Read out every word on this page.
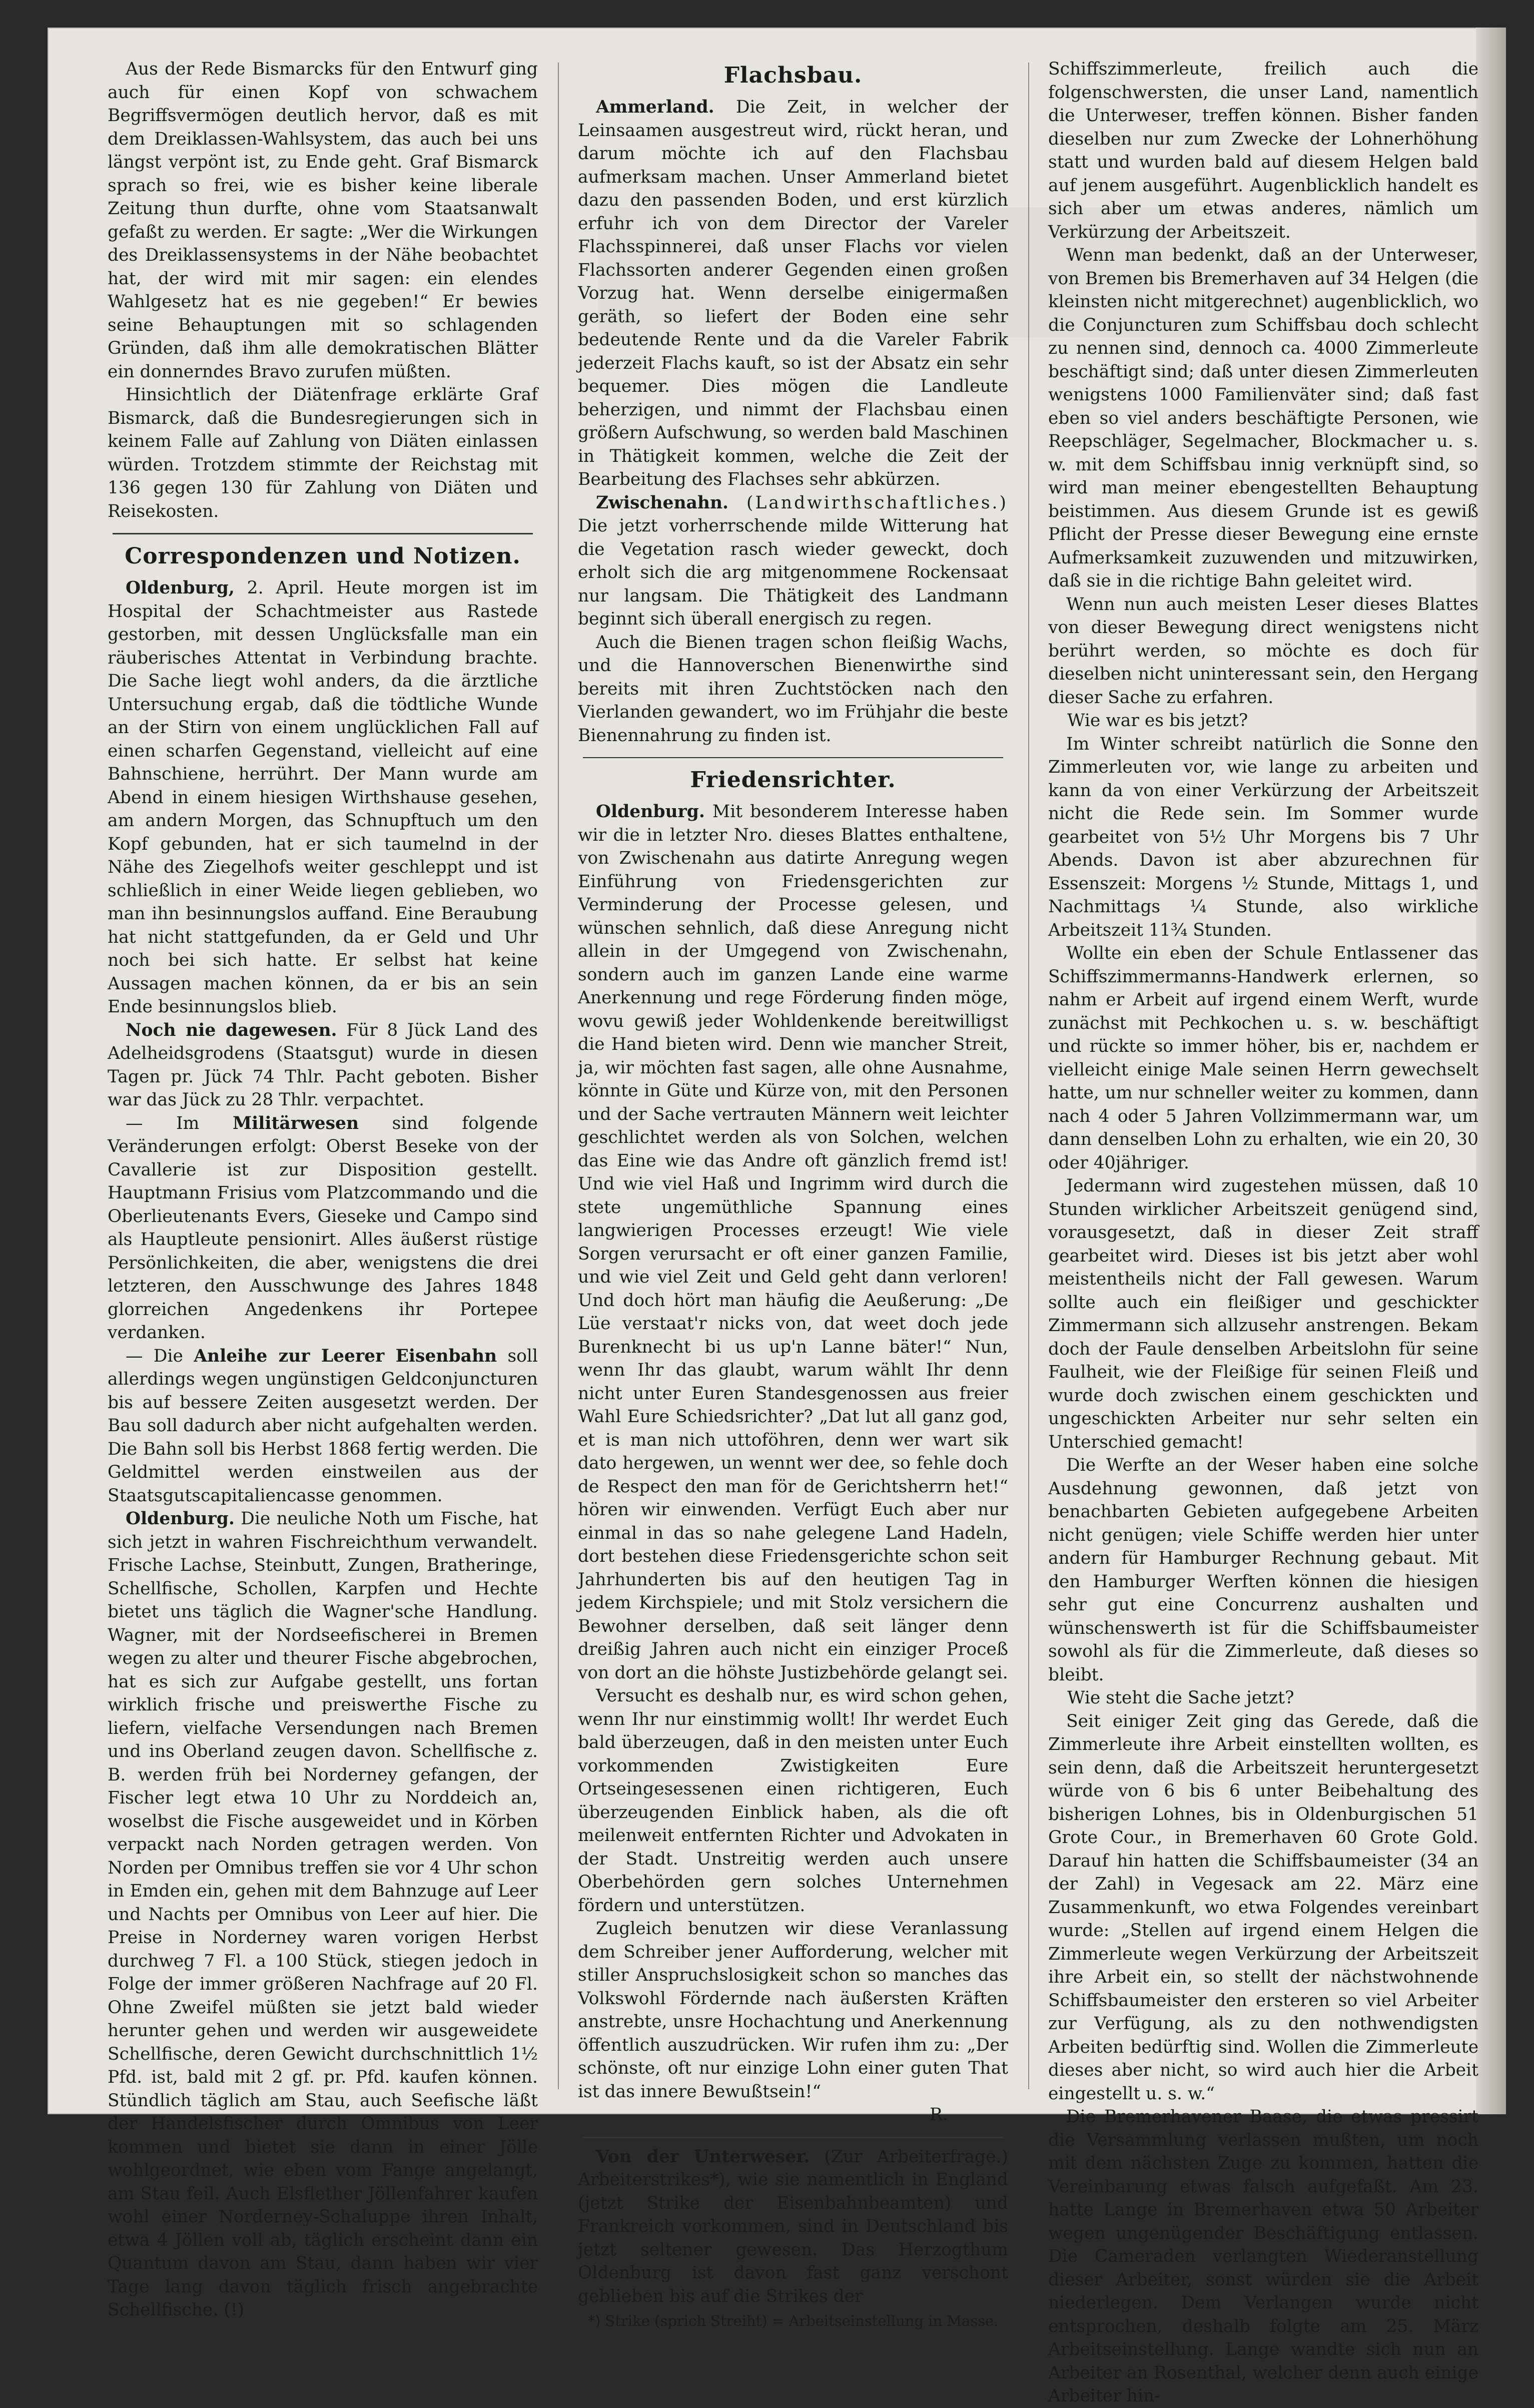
Aus der Rede Bismarcks für den Entwurf ging auch für einen Kopf von schwachem Begriffsvermögen deutlich hervor, daß es mit dem Dreiklassen-Wahlsystem, das auch bei uns längst verpönt ist, zu Ende geht. Graf Bismarck sprach so frei, wie es bisher keine liberale Zeitung thun durfte, ohne vom Staatsanwalt gefaßt zu werden. Er sagte: „Wer die Wirkungen des Dreiklassensystems in der Nähe beobachtet hat, der wird mit mir sagen: ein elendes Wahlgesetz hat es nie gegeben!“ Er bewies seine Behauptungen mit so schlagenden Gründen, daß ihm alle demokratischen Blätter ein donnerndes Bravo zurufen müßten.

Hinsichtlich der Diätenfrage erklärte Graf Bismarck, daß die Bundesregierungen sich in keinem Falle auf Zahlung von Diäten einlassen würden. Trotzdem stimmte der Reichstag mit 136 gegen 130 für Zahlung von Diäten und Reisekosten.

Correspondenzen und Notizen.

Oldenburg, 2. April. Heute morgen ist im Hospital der Schachtmeister aus Rastede gestorben, mit dessen Unglücksfalle man ein räuberisches Attentat in Verbindung brachte. Die Sache liegt wohl anders, da die ärztliche Untersuchung ergab, daß die tödtliche Wunde an der Stirn von einem unglücklichen Fall auf einen scharfen Gegenstand, vielleicht auf eine Bahnschiene, herrührt. Der Mann wurde am Abend in einem hiesigen Wirthshause gesehen, am andern Morgen, das Schnupftuch um den Kopf gebunden, hat er sich taumelnd in der Nähe des Ziegelhofs weiter geschleppt und ist schließlich in einer Weide liegen geblieben, wo man ihn besinnungslos auffand. Eine Beraubung hat nicht stattgefunden, da er Geld und Uhr noch bei sich hatte. Er selbst hat keine Aussagen machen können, da er bis an sein Ende besinnungslos blieb.

Noch nie dagewesen. Für 8 Jück Land des Adelheidsgrodens (Staatsgut) wurde in diesen Tagen pr. Jück 74 Thlr. Pacht geboten. Bisher war das Jück zu 28 Thlr. verpachtet.

— Im Militärwesen sind folgende Veränderungen erfolgt: Oberst Beseke von der Cavallerie ist zur Disposition gestellt. Hauptmann Frisius vom Platzcommando und die Oberlieutenants Evers, Gieseke und Campo sind als Hauptleute pensionirt. Alles äußerst rüstige Persönlichkeiten, die aber, wenigstens die drei letzteren, den Ausschwunge des Jahres 1848 glorreichen Angedenkens ihr Portepee verdanken.

— Die Anleihe zur Leerer Eisenbahn soll allerdings wegen ungünstigen Geldconjuncturen bis auf bessere Zeiten ausgesetzt werden. Der Bau soll dadurch aber nicht aufgehalten werden. Die Bahn soll bis Herbst 1868 fertig werden. Die Geldmittel werden einstweilen aus der Staatsgutscapitaliencasse genommen.

Oldenburg. Die neuliche Noth um Fische, hat sich jetzt in wahren Fischreichthum verwandelt. Frische Lachse, Steinbutt, Zungen, Bratheringe, Schellfische, Schollen, Karpfen und Hechte bietet uns täglich die Wagner'sche Handlung. Wagner, mit der Nordseefischerei in Bremen wegen zu alter und theurer Fische abgebrochen, hat es sich zur Aufgabe gestellt, uns fortan wirklich frische und preiswerthe Fische zu liefern, vielfache Versendungen nach Bremen und ins Oberland zeugen davon. Schellfische z. B. werden früh bei Norderney gefangen, der Fischer legt etwa 10 Uhr zu Norddeich an, woselbst die Fische ausgeweidet und in Körben verpackt nach Norden getragen werden. Von Norden per Omnibus treffen sie vor 4 Uhr schon in Emden ein, gehen mit dem Bahnzuge auf Leer und Nachts per Omnibus von Leer auf hier. Die Preise in Norderney waren vorigen Herbst durchweg 7 Fl. a 100 Stück, stiegen jedoch in Folge der immer größeren Nachfrage auf 20 Fl. Ohne Zweifel müßten sie jetzt bald wieder herunter gehen und werden wir ausgeweidete Schellfische, deren Gewicht durchschnittlich 1½ Pfd. ist, bald mit 2 gf. pr. Pfd. kaufen können. Stündlich täglich am Stau, auch Seefische läßt der Handelsfischer durch Omnibus von Leer kommen und bietet sie dann in einer Jölle wohlgeordnet, wie eben vom Fange angelangt, am Stau feil. Auch Elsflether Jöllenfahrer kaufen wohl einer Norderney-Schaluppe ihren Inhalt, etwa 4 Jöllen voll ab, täglich erscheint dann ein Quantum davon am Stau, dann haben wir vier Tage lang davon täglich frisch angebrachte Schellfische. (!)

Flachsbau.

Ammerland. Die Zeit, in welcher der Leinsaamen ausgestreut wird, rückt heran, und darum möchte ich auf den Flachsbau aufmerksam machen. Unser Ammerland bietet dazu den passenden Boden, und erst kürzlich erfuhr ich von dem Director der Vareler Flachsspinnerei, daß unser Flachs vor vielen Flachssorten anderer Gegenden einen großen Vorzug hat. Wenn derselbe einigermaßen geräth, so liefert der Boden eine sehr bedeutende Rente und da die Vareler Fabrik jederzeit Flachs kauft, so ist der Absatz ein sehr bequemer. Dies mögen die Landleute beherzigen, und nimmt der Flachsbau einen größern Aufschwung, so werden bald Maschinen in Thätigkeit kommen, welche die Zeit der Bearbeitung des Flachses sehr abkürzen.

Zwischenahn. (Landwirthschaftliches.) Die jetzt vorherrschende milde Witterung hat die Vegetation rasch wieder geweckt, doch erholt sich die arg mitgenommene Rockensaat nur langsam. Die Thätigkeit des Landmann beginnt sich überall energisch zu regen.

Auch die Bienen tragen schon fleißig Wachs, und die Hannoverschen Bienenwirthe sind bereits mit ihren Zuchtstöcken nach den Vierlanden gewandert, wo im Frühjahr die beste Bienennahrung zu finden ist.

Friedensrichter.

Oldenburg. Mit besonderem Interesse haben wir die in letzter Nro. dieses Blattes enthaltene, von Zwischenahn aus datirte Anregung wegen Einführung von Friedensgerichten zur Verminderung der Processe gelesen, und wünschen sehnlich, daß diese Anregung nicht allein in der Umgegend von Zwischenahn, sondern auch im ganzen Lande eine warme Anerkennung und rege Förderung finden möge, wovu gewiß jeder Wohldenkende bereitwilligst die Hand bieten wird. Denn wie mancher Streit, ja, wir möchten fast sagen, alle ohne Ausnahme, könnte in Güte und Kürze von, mit den Personen und der Sache vertrauten Männern weit leichter geschlichtet werden als von Solchen, welchen das Eine wie das Andre oft gänzlich fremd ist! Und wie viel Haß und Ingrimm wird durch die stete ungemüthliche Spannung eines langwierigen Processes erzeugt! Wie viele Sorgen verursacht er oft einer ganzen Familie, und wie viel Zeit und Geld geht dann verloren! Und doch hört man häufig die Aeußerung: „De Lüe verstaat'r nicks von, dat weet doch jede Burenknecht bi us up'n Lanne bäter!“ Nun, wenn Ihr das glaubt, warum wählt Ihr denn nicht unter Euren Standesgenossen aus freier Wahl Eure Schiedsrichter? „Dat lut all ganz god, et is man nich uttoföhren, denn wer wart sik dato hergewen, un wennt wer dee, so fehle doch de Respect den man för de Gerichtsherrn het!“ hören wir einwenden. Verfügt Euch aber nur einmal in das so nahe gelegene Land Hadeln, dort bestehen diese Friedensgerichte schon seit Jahrhunderten bis auf den heutigen Tag in jedem Kirchspiele; und mit Stolz versichern die Bewohner derselben, daß seit länger denn dreißig Jahren auch nicht ein einziger Proceß von dort an die höhste Justizbehörde gelangt sei.

Versucht es deshalb nur, es wird schon gehen, wenn Ihr nur einstimmig wollt! Ihr werdet Euch bald überzeugen, daß in den meisten unter Euch vorkommenden Zwistigkeiten Eure Ortseingesessenen einen richtigeren, Euch überzeugenden Einblick haben, als die oft meilenweit entfernten Richter und Advokaten in der Stadt. Unstreitig werden auch unsere Oberbehörden gern solches Unternehmen fördern und unterstützen.

Zugleich benutzen wir diese Veranlassung dem Schreiber jener Aufforderung, welcher mit stiller Anspruchslosigkeit schon so manches das Volkswohl Fördernde nach äußersten Kräften anstrebte, unsre Hochachtung und Anerkennung öffentlich auszudrücken. Wir rufen ihm zu: „Der schönste, oft nur einzige Lohn einer guten That ist das innere Bewußtsein!“

R.

Von der Unterweser. (Zur Arbeiterfrage.) Arbeiterstrikes*), wie sie namentlich in England (jetzt Strike der Eisenbahnbeamten) und Frankreich vorkommen, sind in Deutschland bis jetzt seltener gewesen. Das Herzogthum Oldenburg ist davon fast ganz verschont geblieben bis auf die Strikes der

*) Strike (sprich Streiht) = Arbeitseinstellung in Masse.

Schiffszimmerleute, freilich auch die folgenschwersten, die unser Land, namentlich die Unterweser, treffen können. Bisher fanden dieselben nur zum Zwecke der Lohnerhöhung statt und wurden bald auf diesem Helgen bald auf jenem ausgeführt. Augenblicklich handelt es sich aber um etwas anderes, nämlich um Verkürzung der Arbeitszeit.

Wenn man bedenkt, daß an der Unterweser, von Bremen bis Bremerhaven auf 34 Helgen (die kleinsten nicht mitgerechnet) augenblicklich, wo die Conjuncturen zum Schiffsbau doch schlecht zu nennen sind, dennoch ca. 4000 Zimmerleute beschäftigt sind; daß unter diesen Zimmerleuten wenigstens 1000 Familienväter sind; daß fast eben so viel anders beschäftigte Personen, wie Reepschläger, Segelmacher, Blockmacher u. s. w. mit dem Schiffsbau innig verknüpft sind, so wird man meiner ebengestellten Behauptung beistimmen. Aus diesem Grunde ist es gewiß Pflicht der Presse dieser Bewegung eine ernste Aufmerksamkeit zuzuwenden und mitzuwirken, daß sie in die richtige Bahn geleitet wird.

Wenn nun auch meisten Leser dieses Blattes von dieser Bewegung direct wenigstens nicht berührt werden, so möchte es doch für dieselben nicht uninteressant sein, den Hergang dieser Sache zu erfahren.

Wie war es bis jetzt?

Im Winter schreibt natürlich die Sonne den Zimmerleuten vor, wie lange zu arbeiten und kann da von einer Verkürzung der Arbeitszeit nicht die Rede sein. Im Sommer wurde gearbeitet von 5½ Uhr Morgens bis 7 Uhr Abends. Davon ist aber abzurechnen für Essenszeit: Morgens ½ Stunde, Mittags 1, und Nachmittags ¼ Stunde, also wirkliche Arbeitszeit 11¾ Stunden.

Wollte ein eben der Schule Entlassener das Schiffszimmermanns-Handwerk erlernen, so nahm er Arbeit auf irgend einem Werft, wurde zunächst mit Pechkochen u. s. w. beschäftigt und rückte so immer höher, bis er, nachdem er vielleicht einige Male seinen Herrn gewechselt hatte, um nur schneller weiter zu kommen, dann nach 4 oder 5 Jahren Vollzimmermann war, um dann denselben Lohn zu erhalten, wie ein 20, 30 oder 40jähriger.

Jedermann wird zugestehen müssen, daß 10 Stunden wirklicher Arbeitszeit genügend sind, vorausgesetzt, daß in dieser Zeit straff gearbeitet wird. Dieses ist bis jetzt aber wohl meistentheils nicht der Fall gewesen. Warum sollte auch ein fleißiger und geschickter Zimmermann sich allzusehr anstrengen. Bekam doch der Faule denselben Arbeitslohn für seine Faulheit, wie der Fleißige für seinen Fleiß und wurde doch zwischen einem geschickten und ungeschickten Arbeiter nur sehr selten ein Unterschied gemacht!

Die Werfte an der Weser haben eine solche Ausdehnung gewonnen, daß jetzt von benachbarten Gebieten aufgegebene Arbeiten nicht genügen; viele Schiffe werden hier unter andern für Hamburger Rechnung gebaut. Mit den Hamburger Werften können die hiesigen sehr gut eine Concurrenz aushalten und wünschenswerth ist für die Schiffsbaumeister sowohl als für die Zimmerleute, daß dieses so bleibt.

Wie steht die Sache jetzt?

Seit einiger Zeit ging das Gerede, daß die Zimmerleute ihre Arbeit einstellten wollten, es sein denn, daß die Arbeitszeit heruntergesetzt würde von 6 bis 6 unter Beibehaltung des bisherigen Lohnes, bis in Oldenburgischen 51 Grote Cour., in Bremerhaven 60 Grote Gold. Darauf hin hatten die Schiffsbaumeister (34 an der Zahl) in Vegesack am 22. März eine Zusammenkunft, wo etwa Folgendes vereinbart wurde: „Stellen auf irgend einem Helgen die Zimmerleute wegen Verkürzung der Arbeitszeit ihre Arbeit ein, so stellt der nächstwohnende Schiffsbaumeister den ersteren so viel Arbeiter zur Verfügung, als zu den nothwendigsten Arbeiten bedürftig sind. Wollen die Zimmerleute dieses aber nicht, so wird auch hier die Arbeit eingestellt u. s. w.“

Die Bremerhavener Baase, die etwas pressirt die Versammlung verlassen mußten, um noch mit dem nächsten Zuge zu kommen, hatten die Vereinbarung etwas falsch aufgefaßt. Am 23. hatte Lange in Bremerhaven etwa 50 Arbeiter wegen ungenügender Beschäftigung entlassen. Die Cameraden verlangten Wiederanstellung dieser Arbeiter, sonst würden sie die Arbeit niederlegen. Dem Verlangen wurde nicht entsprochen, deshalb folgte am 25. März Arbeitseinstellung. Lange wandte sich nun an Arbeiter an Rosenthal, welcher denn auch einige Arbeiter hin-
